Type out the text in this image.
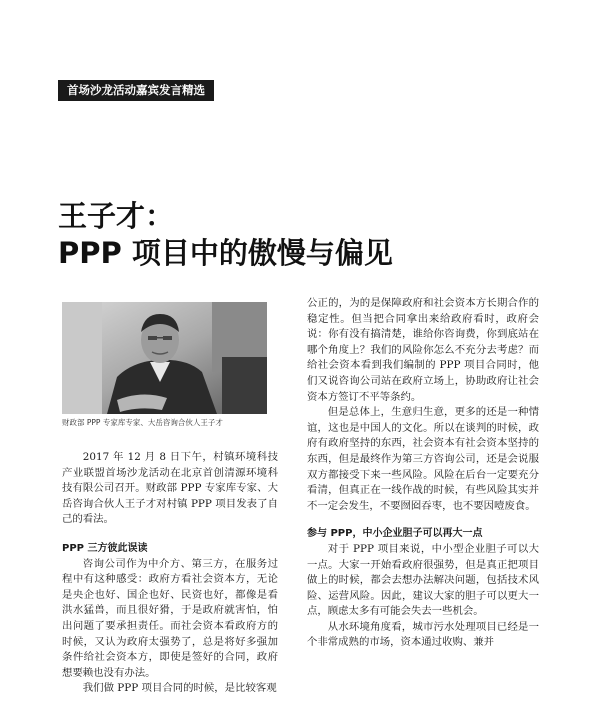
首场沙龙活动嘉宾发言精选
王子才：
PPP 项目中的傲慢与偏见
财政部 PPP 专家库专家、大岳咨询合伙人王子才

2017 年 12 月 8 日下午，村镇环境科技产业联盟首场沙龙活动在北京首创清源环境科技有限公司召开。财政部 PPP 专家库专家、大岳咨询合伙人王子才对村镇 PPP 项目发表了自己的看法。

PPP 三方彼此误读

咨询公司作为中介方、第三方，在服务过程中有这种感受：政府方看社会资本方，无论是央企也好、国企也好、民资也好，都像是看洪水猛兽，而且很好猾，于是政府就害怕，怕出问题了要承担责任。而社会资本看政府方的时候，又认为政府太强势了，总是将好多强加条件给社会资本方，即使是签好的合同，政府想要赖也没有办法。

我们做 PPP 项目合同的时候，是比较客观

公正的，为的是保障政府和社会资本方长期合作的稳定性。但当把合同拿出来给政府看时，政府会说：你有没有搞清楚，谁给你咨询费，你到底站在哪个角度上？我们的风险你怎么不充分去考虑？而给社会资本看到我们编制的 PPP 项目合同时，他们又说咨询公司站在政府立场上，协助政府让社会资本方签订不平等条约。

但是总体上，生意归生意，更多的还是一种情谊，这也是中国人的文化。所以在谈判的时候，政府有政府坚持的东西，社会资本有社会资本坚持的东西，但是最终作为第三方咨询公司，还是会说服双方都接受下来一些风险。风险在后台一定要充分看清，但真正在一线作战的时候，有些风险其实并不一定会发生，不要囫囵吞枣，也不要因噎废食。

参与 PPP，中小企业胆子可以再大一点

对于 PPP 项目来说，中小型企业胆子可以大一点。大家一开始看政府很强势，但是真正把项目做上的时候，都会去想办法解决问题，包括技术风险、运营风险。因此，建议大家的胆子可以更大一点，顾虑太多有可能会失去一些机会。

从水环境角度看，城市污水处理项目已经是一个非常成熟的市场，资本通过收购、兼并
